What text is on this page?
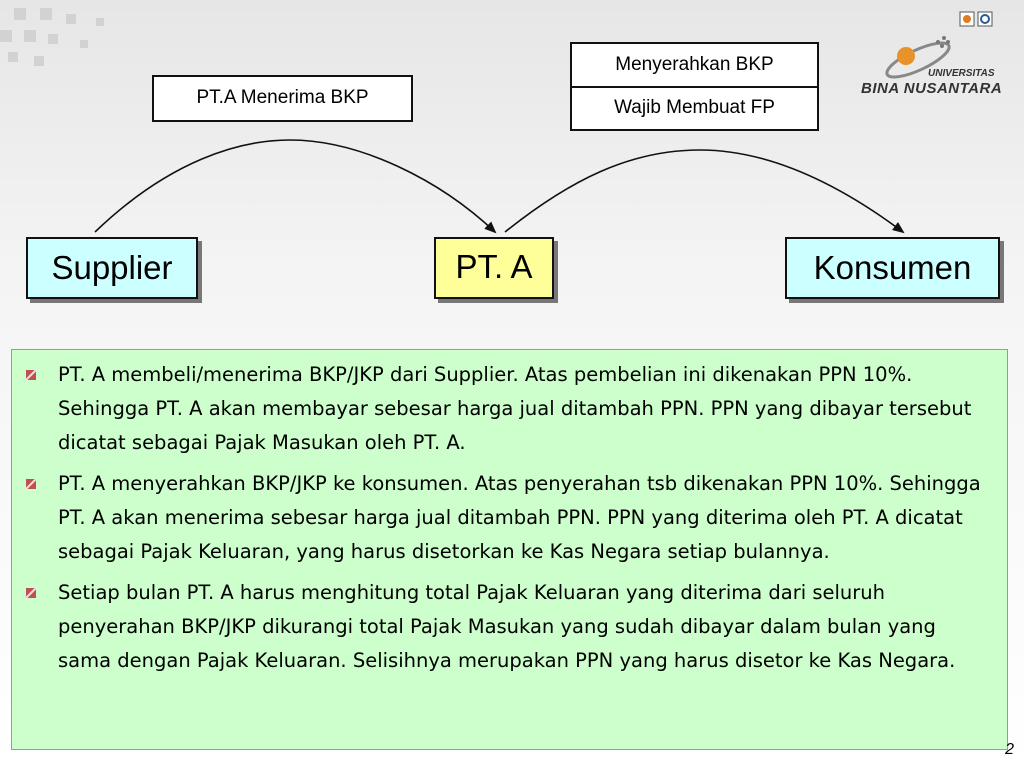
UNIVERSITAS
BINA NUSANTARA
PT.A Menerima BKP
Menyerahkan BKP
Wajib Membuat FP
Supplier	PT. A	Konsumen
PT. A membeli/menerima BKP/JKP dari Supplier. Atas pembelian ini dikenakan PPN 10%. Sehingga PT. A akan membayar sebesar harga jual ditambah PPN. PPN yang dibayar tersebut dicatat sebagai Pajak Masukan oleh PT. A.
PT. A menyerahkan BKP/JKP ke konsumen. Atas penyerahan tsb dikenakan PPN 10%. Sehingga PT. A akan menerima sebesar harga jual ditambah PPN. PPN yang diterima oleh PT. A dicatat sebagai Pajak Keluaran, yang harus disetorkan ke Kas Negara setiap bulannya.
Setiap bulan PT. A harus menghitung total Pajak Keluaran yang diterima dari seluruh penyerahan BKP/JKP dikurangi total Pajak Masukan yang sudah dibayar dalam bulan yang sama dengan Pajak Keluaran. Selisihnya merupakan PPN yang harus disetor ke Kas Negara.
2
